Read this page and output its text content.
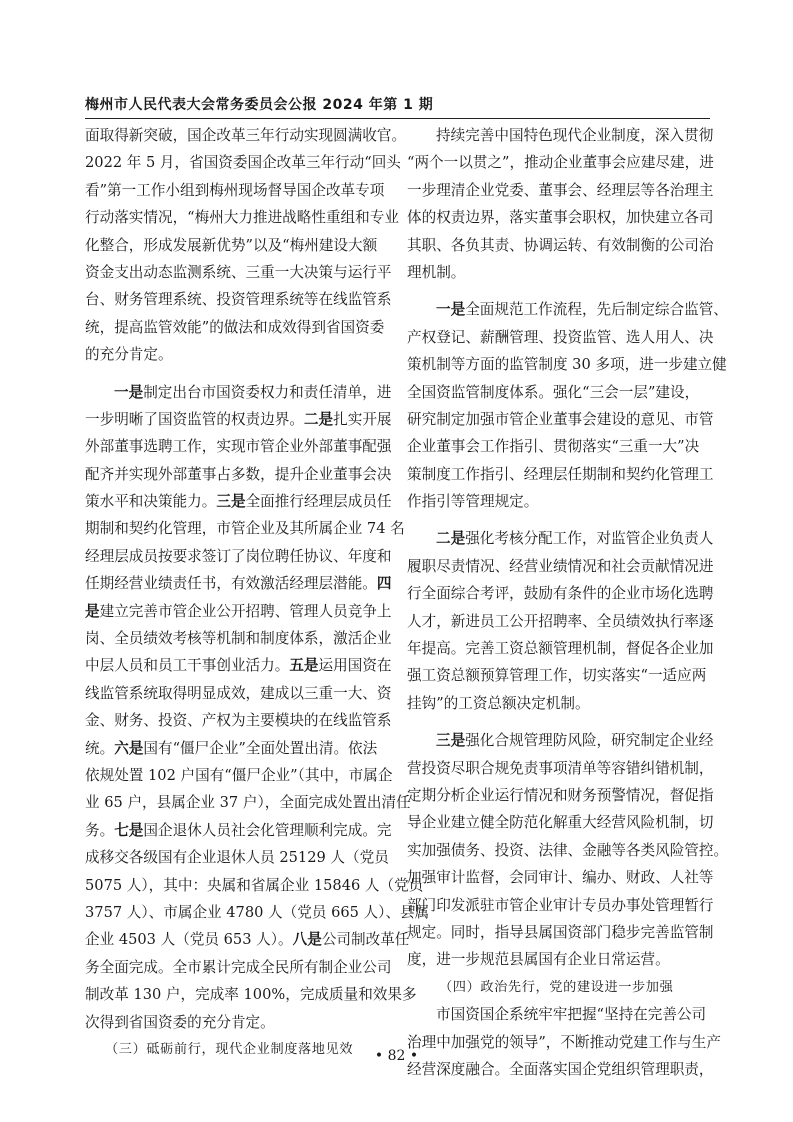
梅州市人民代表大会常务委员会公报 2024 年第 1 期
面取得新突破，国企改革三年行动实现圆满收官。
2022 年 5 月，省国资委国企改革三年行动“回头
看”第一工作小组到梅州现场督导国企改革专项
行动落实情况，“梅州大力推进战略性重组和专业
化整合，形成发展新优势”以及“梅州建设大额
资金支出动态监测系统、三重一大决策与运行平
台、财务管理系统、投资管理系统等在线监管系
统，提高监管效能”的做法和成效得到省国资委
的充分肯定。
一是制定出台市国资委权力和责任清单，进
一步明晰了国资监管的权责边界。二是扎实开展
外部董事选聘工作，实现市管企业外部董事配强
配齐并实现外部董事占多数，提升企业董事会决
策水平和决策能力。三是全面推行经理层成员任
期制和契约化管理，市管企业及其所属企业 74 名
经理层成员按要求签订了岗位聘任协议、年度和
任期经营业绩责任书，有效激活经理层潜能。四
是建立完善市管企业公开招聘、管理人员竞争上
岗、全员绩效考核等机制和制度体系，激活企业
中层人员和员工干事创业活力。五是运用国资在
线监管系统取得明显成效，建成以三重一大、资
金、财务、投资、产权为主要模块的在线监管系
统。六是国有“僵尸企业”全面处置出清。依法
依规处置 102 户国有“僵尸企业”（其中，市属企
业 65 户，县属企业 37 户），全面完成处置出清任
务。七是国企退休人员社会化管理顺利完成。完
成移交各级国有企业退休人员 25129 人（党员
5075 人），其中：央属和省属企业 15846 人（党员
3757 人）、市属企业 4780 人（党员 665 人）、县属
企业 4503 人（党员 653 人）。八是公司制改革任
务全面完成。全市累计完成全民所有制企业公司
制改革 130 户，完成率 100%，完成质量和效果多
次得到省国资委的充分肯定。
（三）砥砺前行，现代企业制度落地见效
持续完善中国特色现代企业制度，深入贯彻
“两个一以贯之”，推动企业董事会应建尽建，进
一步理清企业党委、董事会、经理层等各治理主
体的权责边界，落实董事会职权，加快建立各司
其职、各负其责、协调运转、有效制衡的公司治
理机制。
一是全面规范工作流程，先后制定综合监管、
产权登记、薪酬管理、投资监管、选人用人、决
策机制等方面的监管制度 30 多项，进一步建立健
全国资监管制度体系。强化“三会一层”建设，
研究制定加强市管企业董事会建设的意见、市管
企业董事会工作指引、贯彻落实“三重一大”决
策制度工作指引、经理层任期制和契约化管理工
作指引等管理规定。
二是强化考核分配工作，对监管企业负责人
履职尽责情况、经营业绩情况和社会贡献情况进
行全面综合考评，鼓励有条件的企业市场化选聘
人才，新进员工公开招聘率、全员绩效执行率逐
年提高。完善工资总额管理机制，督促各企业加
强工资总额预算管理工作，切实落实“一适应两
挂钩”的工资总额决定机制。
三是强化合规管理防风险，研究制定企业经
营投资尽职合规免责事项清单等容错纠错机制，
定期分析企业运行情况和财务预警情况，督促指
导企业建立健全防范化解重大经营风险机制，切
实加强债务、投资、法律、金融等各类风险管控。
加强审计监督，会同审计、编办、财政、人社等
部门印发派驻市管企业审计专员办事处管理暂行
规定。同时，指导县属国资部门稳步完善监管制
度，进一步规范县属国有企业日常运营。
（四）政治先行，党的建设进一步加强
市国资国企系统牢牢把握“坚持在完善公司
治理中加强党的领导”，不断推动党建工作与生产
经营深度融合。全面落实国企党组织管理职责，
• 82 •
